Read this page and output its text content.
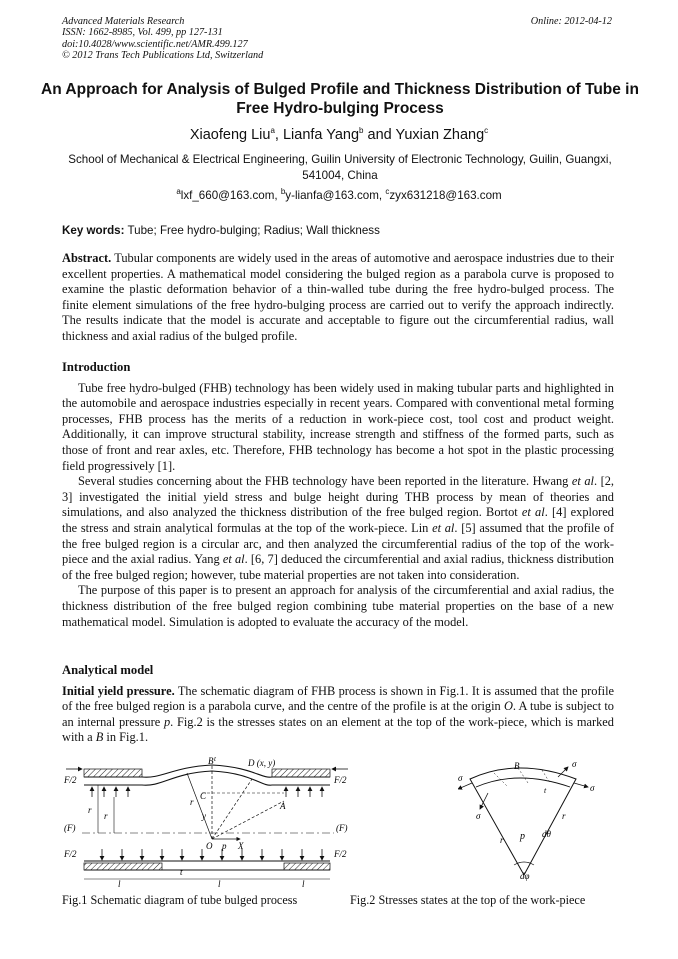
Advanced Materials Research
ISSN: 1662-8985, Vol. 499, pp 127-131
doi:10.4028/www.scientific.net/AMR.499.127
© 2012 Trans Tech Publications Ltd, Switzerland
Online: 2012-04-12
An Approach for Analysis of Bulged Profile and Thickness Distribution of Tube in Free Hydro-bulging Process
Xiaofeng Liu$^a$, Lianfa Yang$^b$ and Yuxian Zhang$^c$
School of Mechanical & Electrical Engineering, Guilin University of Electronic Technology, Guilin, Guangxi, 541004, China
$^a$lxf_660@163.com, $^b$y-lianfa@163.com, $^c$zyx631218@163.com
Key words: Tube; Free hydro-bulging; Radius; Wall thickness

Abstract. Tubular components are widely used in the areas of automotive and aerospace industries due to their excellent properties. A mathematical model considering the bulged region as a parabola curve is proposed to examine the plastic deformation behavior of a thin-walled tube during the free hydro-bulged process. The finite element simulations of the free hydro-bulging process are carried out to verify the approach indirectly. The results indicate that the model is accurate and acceptable to figure out the circumferential radius, wall thickness and axial radius of the bulged profile.

Introduction

Tube free hydro-bulged (FHB) technology has been widely used in making tubular parts and highlighted in the automobile and aerospace industries especially in recent years. Compared with conventional metal forming processes, FHB process has the merits of a reduction in work-piece cost, tool cost and product weight. Additionally, it can improve structural stability, increase strength and stiffness of the formed parts, such as those of front and rear axles, etc. Therefore, FHB technology has become a hot spot in the plastic processing field progressively [1].

Several studies concerning about the FHB technology have been reported in the literature. Hwang et al. [2, 3] investigated the initial yield stress and bulge height during THB process by mean of theories and simulations, and also analyzed the thickness distribution of the free bulged region. Bortot et al. [4] explored the stress and strain analytical formulas at the top of the work-piece. Lin et al. [5] assumed that the profile of the free bulged region is a circular arc, and then analyzed the circumferential radius of the top of the work-piece and the axial radius. Yang et al. [6, 7] deduced the circumferential and axial radius, thickness distribution of the free bulged region; however, tube material properties are not taken into consideration.

The purpose of this paper is to present an approach for analysis of the circumferential and axial radius, the thickness distribution of the free bulged region combining tube material properties on the base of a new mathematical model. Simulation is adopted to evaluate the accuracy of the model.

Analytical model

Initial yield pressure. The schematic diagram of FHB process is shown in Fig.1. It is assumed that the profile of the free bulged region is a parabola curve, and the centre of the profile is at the origin O. A tube is subject to an internal pressure p. Fig.2 is the stresses states on an element at the top of the work-piece, which is marked with a B in Fig.1.

B	D (x, y)
C
A
O p X
y
F/2	F/2
(F)	(F)
r
r
r
F/2	F/2
l	l	l
t
t
B	σ
σ
σ
σ
p dθ
dφ
r
r
t
Fig.1 Schematic diagram of tube bulged process	Fig.2 Stresses states at the top of the work-piece
